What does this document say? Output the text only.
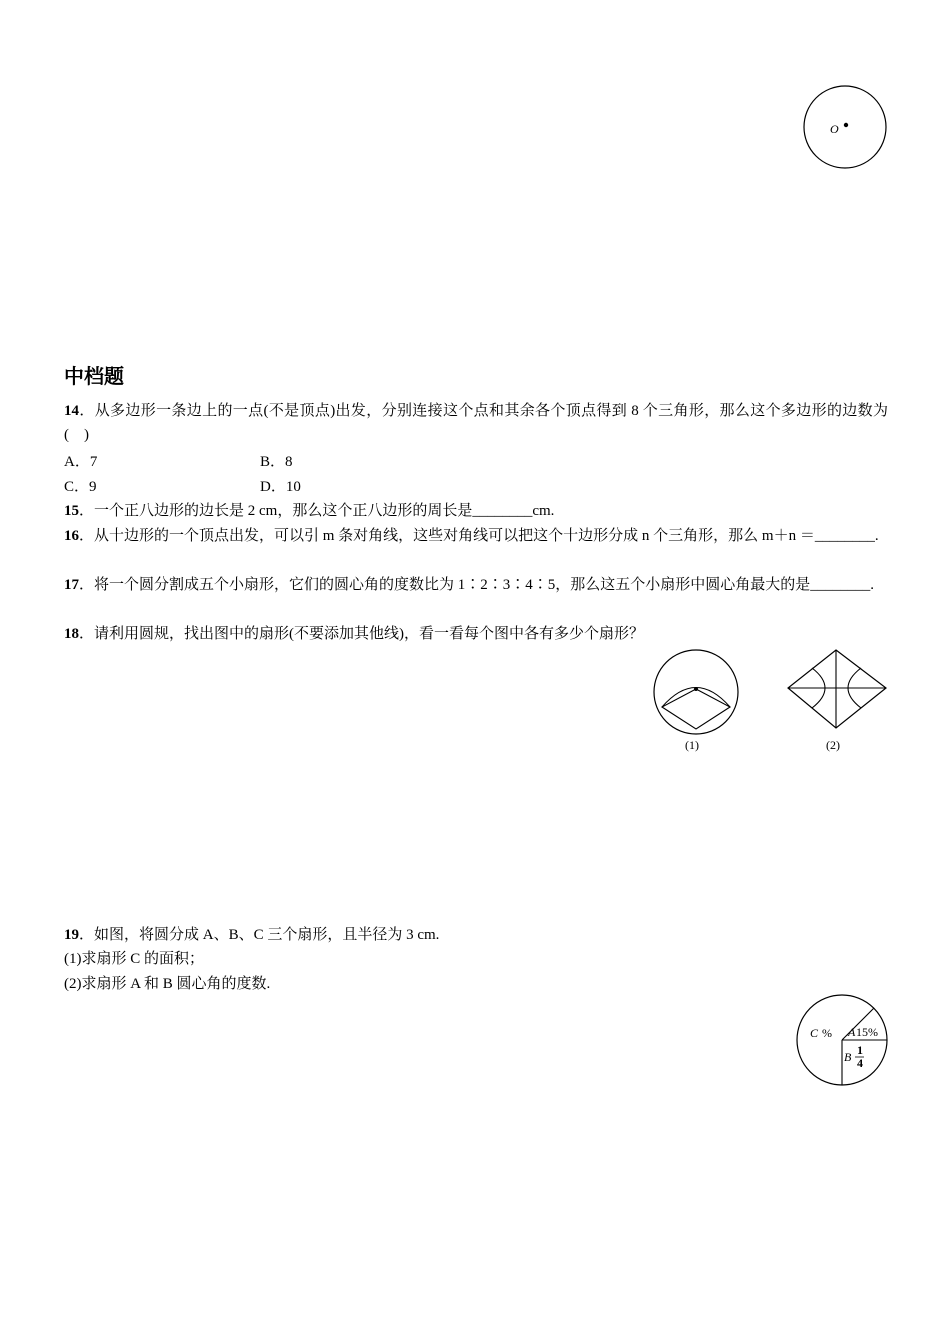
O
中档题
14．从多边形一条边上的一点(不是顶点)出发，分别连接这个点和其余各个顶点得到 8 个三角形，那么这个多边形的边数为(　)
A．7	B．8
C．9	D．10
15．一个正八边形的边长是 2 cm，那么这个正八边形的周长是________cm.
16．从十边形的一个顶点出发，可以引 m 条对角线，这些对角线可以把这个十边形分成 n 个三角形，那么 m＋n ＝________.
17．将一个圆分割成五个小扇形，它们的圆心角的度数比为 1∶2∶3∶4∶5，那么这五个小扇形中圆心角最大的是________.
18．请利用圆规，找出图中的扇形(不要添加其他线)，看一看每个图中各有多少个扇形？
(1)	(2)
19．如图，将圆分成 A、B、C 三个扇形，且半径为 3 cm.
(1)求扇形 C 的面积；
(2)求扇形 A 和 B 圆心角的度数.
C % A 15%
B 1
4
